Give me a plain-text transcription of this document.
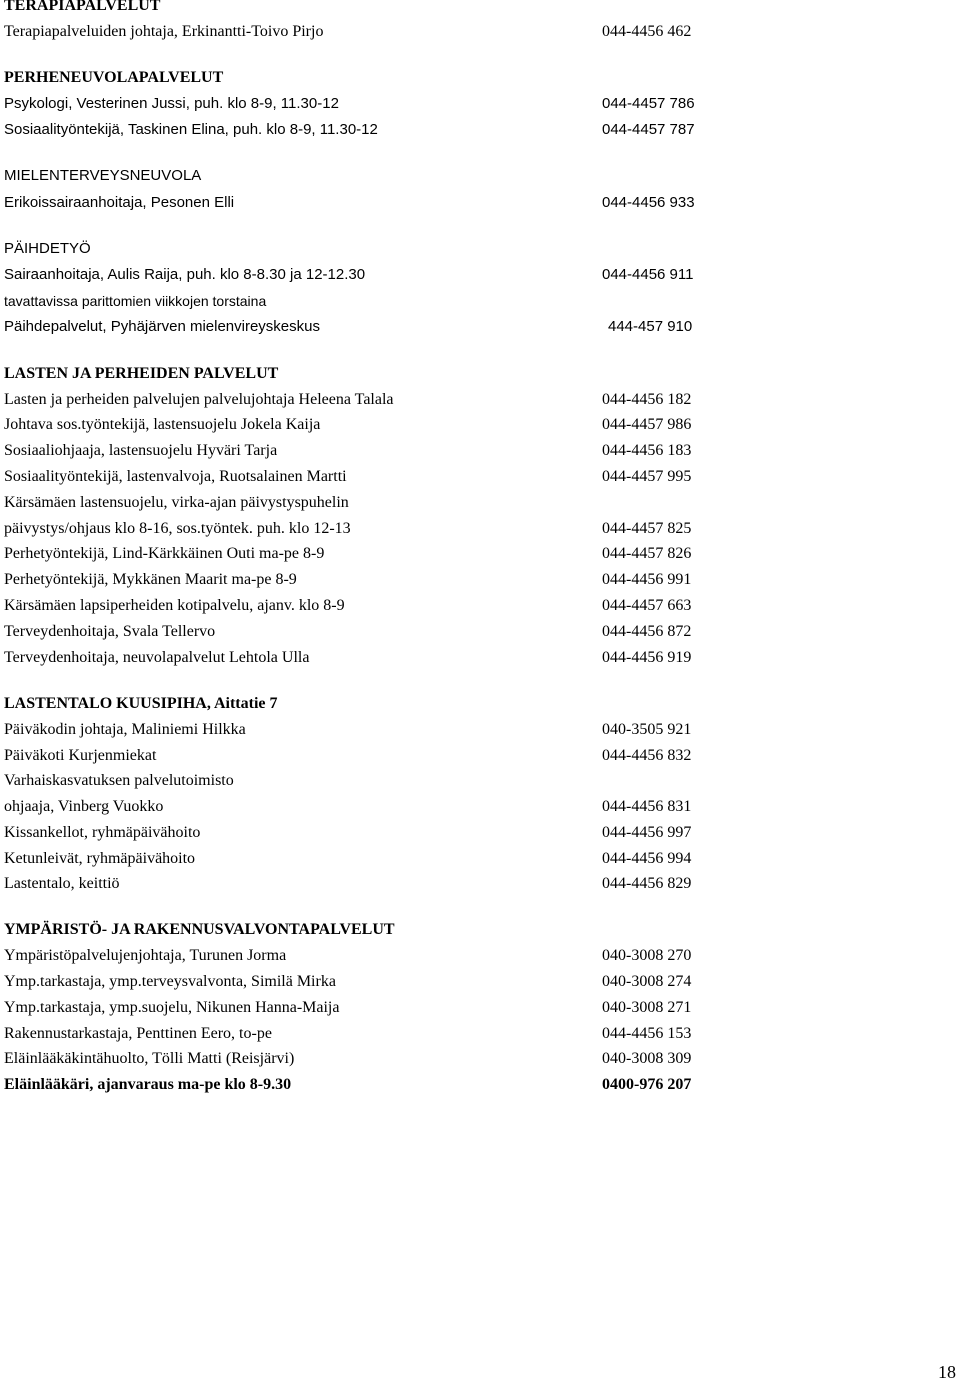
TERAPIAPALVELUT
Terapiapalveluiden johtaja, Erkinantti-Toivo Pirjo	044-4456 462
PERHENEUVOLAPALVELUT
Psykologi, Vesterinen Jussi, puh. klo 8-9, 11.30-12	044-4457 786
Sosiaalityöntekijä, Taskinen Elina, puh. klo 8-9, 11.30-12	044-4457 787
MIELENTERVEYSNEUVOLA
Erikoissairaanhoitaja, Pesonen Elli	044-4456 933
PÄIHDETYÖ
Sairaanhoitaja, Aulis Raija, puh. klo 8-8.30 ja 12-12.30	044-4456 911
tavattavissa parittomien viikkojen torstaina
Päihdepalvelut, Pyhäjärven mielenvireyskeskus	444-457 910
LASTEN JA PERHEIDEN PALVELUT
Lasten ja perheiden palvelujen palvelujohtaja Heleena Talala	044-4456 182
Johtava sos.työntekijä, lastensuojelu Jokela Kaija	044-4457 986
Sosiaaliohjaaja, lastensuojelu Hyväri Tarja	044-4456 183
Sosiaalityöntekijä, lastenvalvoja, Ruotsalainen Martti	044-4457 995
Kärsämäen lastensuojelu, virka-ajan päivystyspuhelin
päivystys/ohjaus klo 8-16, sos.työntek. puh. klo 12-13	044-4457 825
Perhetyöntekijä, Lind-Kärkkäinen Outi ma-pe 8-9	044-4457 826
Perhetyöntekijä, Mykkänen Maarit ma-pe 8-9	044-4456 991
Kärsämäen lapsiperheiden kotipalvelu, ajanv. klo 8-9	044-4457 663
Terveydenhoitaja, Svala Tellervo	044-4456 872
Terveydenhoitaja, neuvolapalvelut Lehtola Ulla	044-4456 919
LASTENTALO KUUSIPIHA, Aittatie 7
Päiväkodin johtaja, Maliniemi Hilkka	040-3505 921
Päiväkoti Kurjenmiekat	044-4456 832
Varhaiskasvatuksen palvelutoimisto
ohjaaja, Vinberg Vuokko	044-4456 831
Kissankellot, ryhmäpäivähoito	044-4456 997
Ketunleivät, ryhmäpäivähoito	044-4456 994
Lastentalo, keittiö	044-4456 829
YMPÄRISTÖ- JA RAKENNUSVALVONTAPALVELUT
Ympäristöpalvelujenjohtaja, Turunen Jorma	040-3008 270
Ymp.tarkastaja, ymp.terveysvalvonta, Similä Mirka	040-3008 274
Ymp.tarkastaja, ymp.suojelu, Nikunen Hanna-Maija	040-3008 271
Rakennustarkastaja, Penttinen Eero, to-pe	044-4456 153
Eläinlääkäkintähuolto, Tölli Matti (Reisjärvi)	040-3008 309
Eläinlääkäri, ajanvaraus ma-pe klo 8-9.30	0400-976 207
18
